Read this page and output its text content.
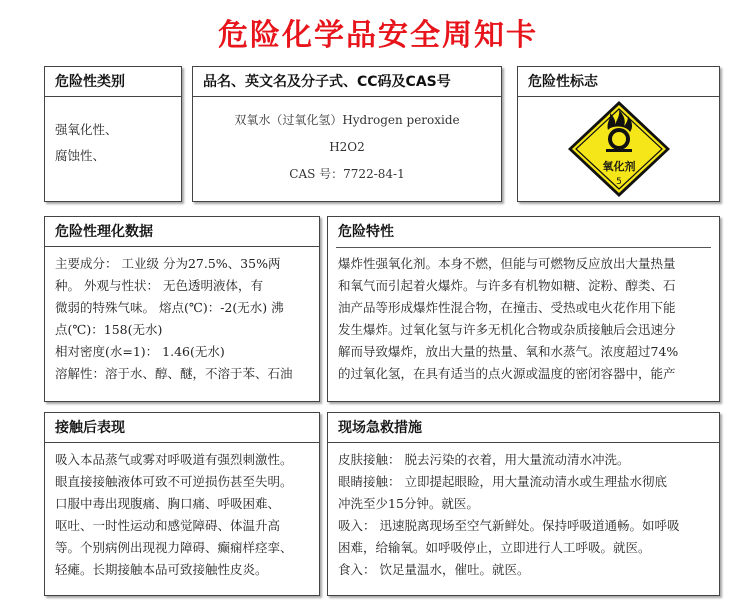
危险化学品安全周知卡
危险性类别

强氧化性、

腐蚀性、

品名、英文名及分子式、CC码及CAS号

双氧水（过氧化氢）Hydrogen peroxide

H2O2

CAS 号：7722-84-1

危险性标志
氧化剂
5
危险性理化数据

主要成分： 工业级 分为27.5%、35%两

种。 外观与性状： 无色透明液体，有

微弱的特殊气味。 熔点(℃)：-2(无水) 沸

点(℃)：158(无水)

相对密度(水=1)： 1.46(无水)

溶解性：溶于水、醇、醚，不溶于苯、石油

危险特性

爆炸性强氧化剂。本身不燃，但能与可燃物反应放出大量热量

和氧气而引起着火爆炸。与许多有机物如糖、淀粉、醇类、石

油产品等形成爆炸性混合物，在撞击、受热或电火花作用下能

发生爆炸。过氧化氢与许多无机化合物或杂质接触后会迅速分

解而导致爆炸，放出大量的热量、氧和水蒸气。浓度超过74%

的过氧化氢，在具有适当的点火源或温度的密闭容器中，能产

接触后表现

吸入本品蒸气或雾对呼吸道有强烈刺激性。

眼直接接触液体可致不可逆损伤甚至失明。

口服中毒出现腹痛、胸口痛、呼吸困难、

呕吐、一时性运动和感觉障碍、体温升高

等。个别病例出现视力障碍、癫痫样痉挛、

轻瘫。长期接触本品可致接触性皮炎。

现场急救措施

皮肤接触： 脱去污染的衣着，用大量流动清水冲洗。

眼睛接触： 立即提起眼睑，用大量流动清水或生理盐水彻底

冲洗至少15分钟。就医。

吸入： 迅速脱离现场至空气新鲜处。保持呼吸道通畅。如呼吸

困难，给输氧。如呼吸停止，立即进行人工呼吸。就医。

食入： 饮足量温水，催吐。就医。
